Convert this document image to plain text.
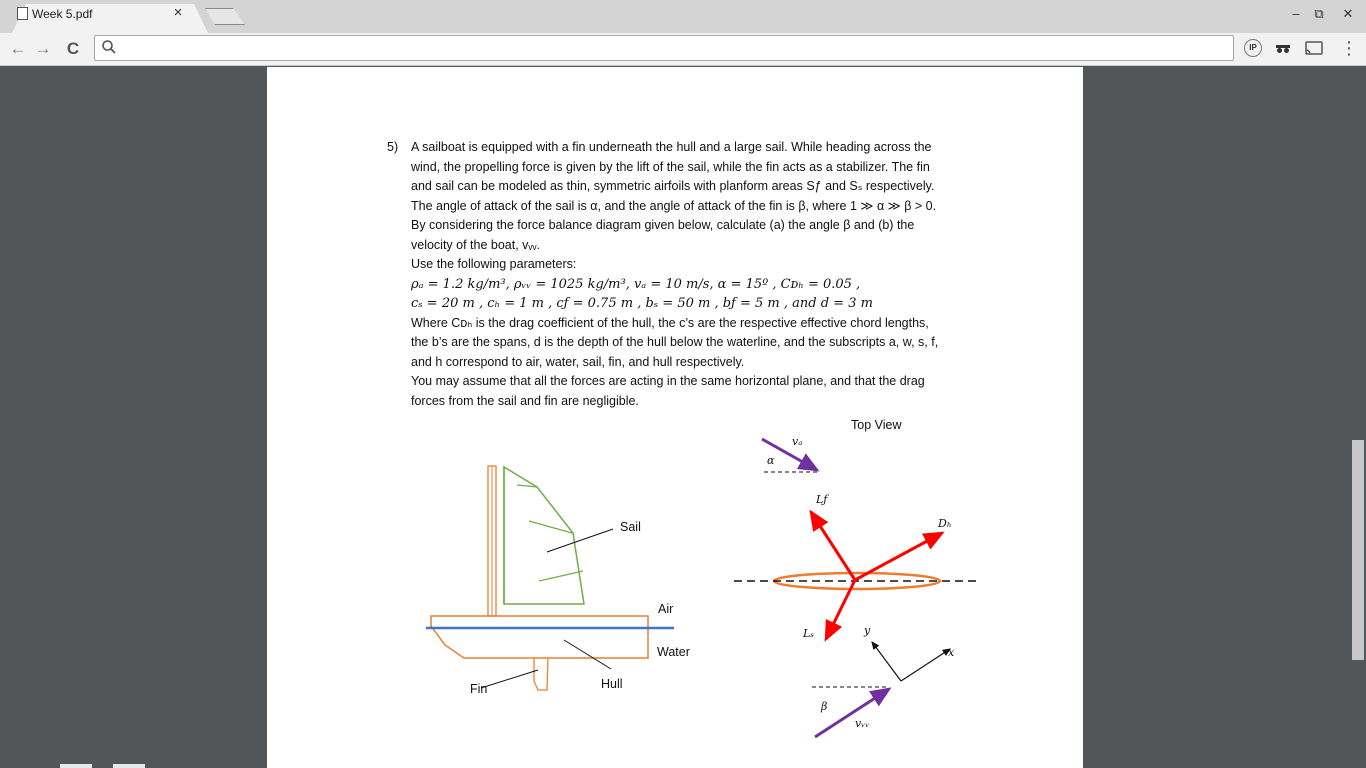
Week 5.pdf	×	–	⧉	✕
← → C	IP	⋮
5) A sailboat is equipped with a fin underneath the hull and a large sail. While heading across the

wind, the propelling force is given by the lift of the sail, while the fin acts as a stabilizer. The fin

and sail can be modeled as thin, symmetric airfoils with planform areas Sƒ and Sₛ respectively.

The angle of attack of the sail is α, and the angle of attack of the fin is β, where 1 ≫ α ≫ β > 0.

By considering the force balance diagram given below, calculate (a) the angle β and (b) the

velocity of the boat, vᵥᵥ.

Use the following parameters:

ρₐ = 1.2 kg/m³, ρᵥᵥ = 1025 kg/m³, vₐ = 10 m/s, α = 15º , Cᴅₕ = 0.05 ,

cₛ = 20 m , cₕ = 1 m , cƒ = 0.75 m , bₛ = 50 m , bƒ = 5 m , and d = 3 m

Where Cᴅₕ is the drag coefficient of the hull, the c’s are the respective effective chord lengths,

the b’s are the spans, d is the depth of the hull below the waterline, and the subscripts a, w, s, f,

and h correspond to air, water, sail, fin, and hull respectively.

You may assume that all the forces are acting in the same horizontal plane, and that the drag

forces from the sail and fin are negligible.

Sail
Air
Water
Fin	Hull
Top View
vₐ
α
Lƒ
Dₕ
Lₛ	y
x
β
vᵥᵥ
